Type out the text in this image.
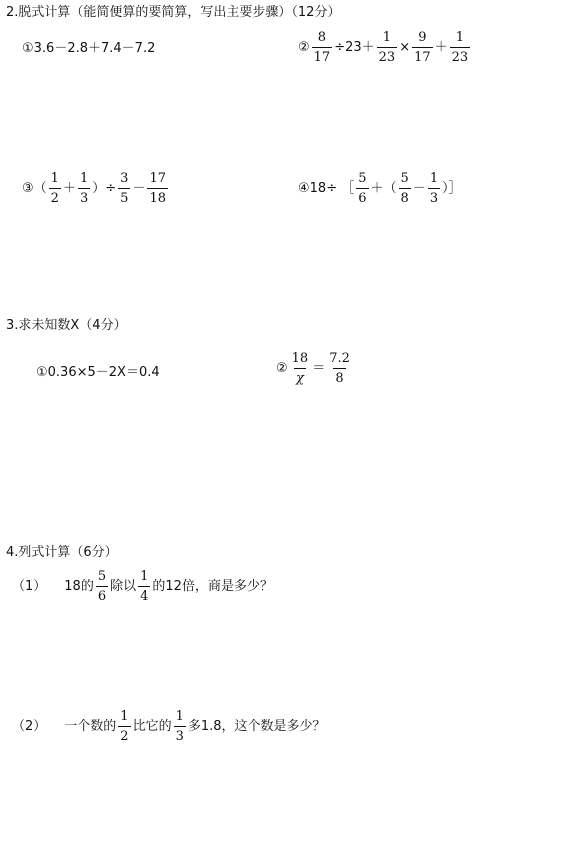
2.脱式计算（能简便算的要简算，写出主要步骤）（12分）
①3.6－2.8＋7.4－7.2	② $\frac{8}{17} \div 23+ \frac{1}{23} \times \frac{9}{17} + \frac{1}{23}$
③ （ $\frac{1}{2} + \frac{1}{3}$ ） ÷ $\frac{3}{5} - \frac{17}{18}$	④ 18÷ ［ $\frac{5}{6}$ ＋（ $\frac{5}{8} - \frac{1}{3}$ ）］
3.求未知数Χ（4分）
①0.36×5－2Χ＝0.4	② $\frac{18}{\chi} = \frac{7.2}{8}$
4.列式计算（6分）
（1） 18的 $\frac{5}{6}$ 除以 $\frac{1}{4}$ 的12倍，商是多少？
（2） 一个数的 $\frac{1}{2}$ 比它的 $\frac{1}{3}$ 多1.8，这个数是多少？
